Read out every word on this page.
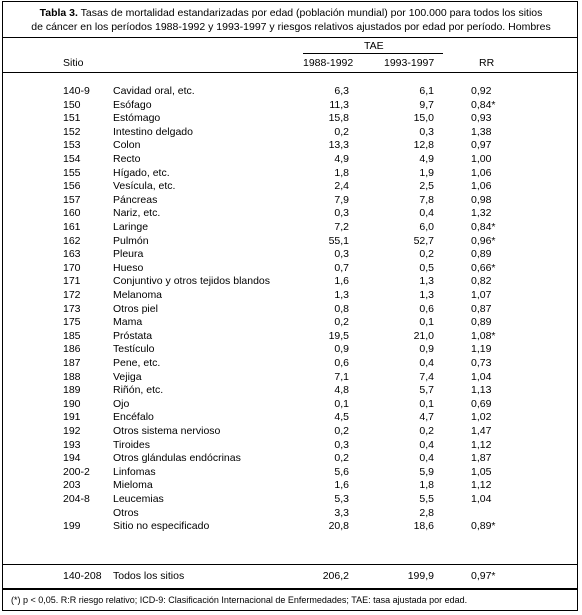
Tabla 3. Tasas de mortalidad estandarizadas por edad (población mundial) por 100.000 para todos los sitios
de cáncer en los períodos 1988-1992 y 1993-1997 y riesgos relativos ajustados por edad por período. Hombres
TAE
Sitio	1988-1992	1993-1997	RR
140-9 Cavidad oral, etc.	6,3	6,1	0,92
150	Esófago	11,3	9,7	0,84*
151	Estómago	15,8	15,0	0,93
152	Intestino delgado	0,2	0,3	1,38
153	Colon	13,3	12,8	0,97
154	Recto	4,9	4,9	1,00
155	Hígado, etc.	1,8	1,9	1,06
156	Vesícula, etc.	2,4	2,5	1,06
157	Páncreas	7,9	7,8	0,98
160	Nariz, etc.	0,3	0,4	1,32
161	Laringe	7,2	6,0	0,84*
162	Pulmón	55,1	52,7	0,96*
163	Pleura	0,3	0,2	0,89
170	Hueso	0,7	0,5	0,66*
171	Conjuntivo y otros tejidos blandos	1,6	1,3	0,82
172	Melanoma	1,3	1,3	1,07
173	Otros piel	0,8	0,6	0,87
175	Mama	0,2	0,1	0,89
185	Próstata	19,5	21,0	1,08*
186	Testículo	0,9	0,9	1,19
187	Pene, etc.	0,6	0,4	0,73
188	Vejiga	7,1	7,4	1,04
189	Riñón, etc.	4,8	5,7	1,13
190	Ojo	0,1	0,1	0,69
191	Encéfalo	4,5	4,7	1,02
192	Otros sistema nervioso	0,2	0,2	1,47
193	Tiroides	0,3	0,4	1,12
194	Otros glándulas endócrinas	0,2	0,4	1,87
200-2 Linfomas	5,6	5,9	1,05
203	Mieloma	1,6	1,8	1,12
204-8 Leucemias	5,3	5,5	1,04
Otros	3,3	2,8
199	Sitio no especificado	20,8	18,6	0,89*
140-208 Todos los sitios	206,2	199,9	0,97*
(*) p < 0,05. R:R riesgo relativo; ICD-9: Clasificación Internacional de Enfermedades; TAE: tasa ajustada por edad.
